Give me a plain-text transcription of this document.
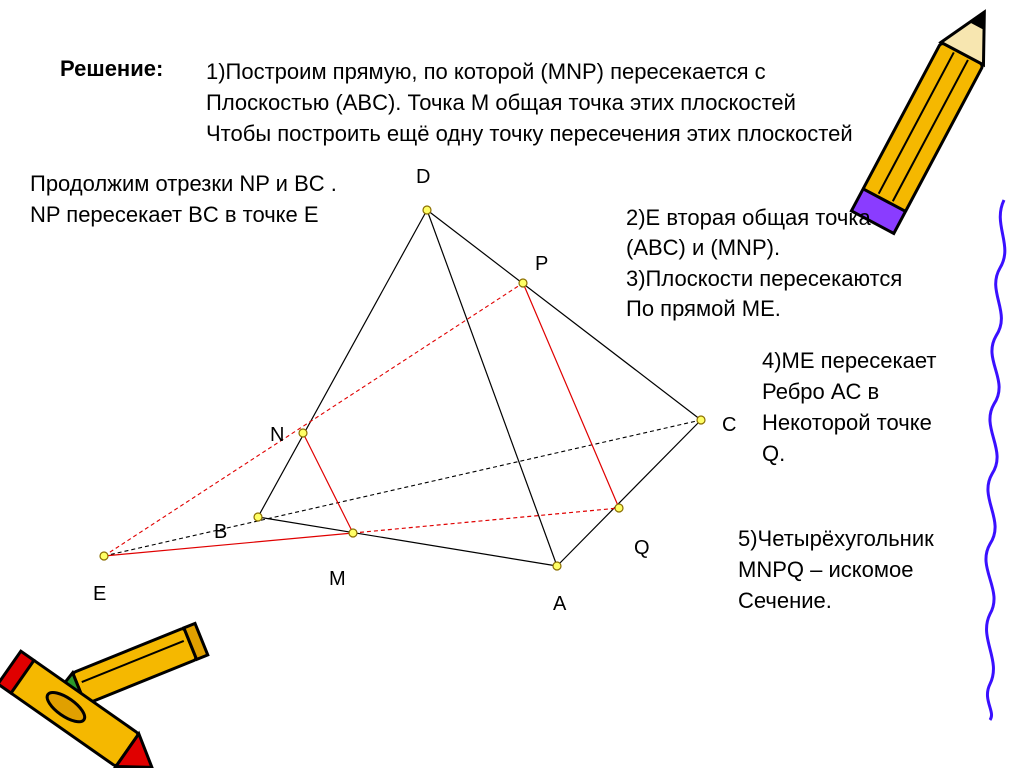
D
P
C
N
B
Q
M
E	A
Решение: 1)Построим прямую, по которой (MNP) пересекается с
Плоскостью (ABC). Точка M общая точка этих плоскостей
Чтобы построить ещё одну точку пересечения этих плоскостей
Продолжим отрезки NP и BC .
NP пересекает BC в точке E	2)E вторая общая точка
(ABC) и (MNP).
3)Плоскости пересекаются
По прямой ME.
4)ME пересекает
Ребро AC в
Некоторой точке
Q.
5)Четырёхугольник
MNPQ – искомое
Сечение.
